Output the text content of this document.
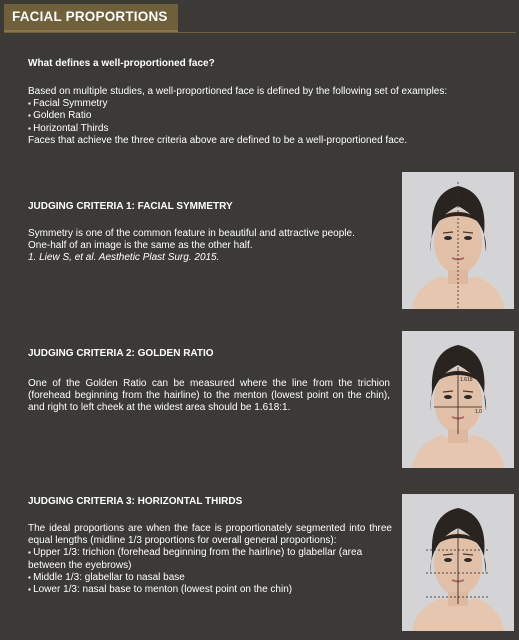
FACIAL PROPORTIONS
What defines a well-proportioned face?
Based on multiple studies, a well-proportioned face is defined by the following set of examples:
▪ Facial Symmetry
▪ Golden Ratio
▪ Horizontal Thirds
Faces that achieve the three criteria above are defined to be a well-proportioned face.
JUDGING CRITERIA 1: FACIAL SYMMETRY
Symmetry is one of the common feature in beautiful and attractive people.
One-half of an image is the same as the other half.
1. Liew S, et al. Aesthetic Plast Surg. 2015.
JUDGING CRITERIA 2: GOLDEN RATIO
One of the Golden Ratio can be measured where the line from the trichion (forehead beginning from the hairline) to the menton (lowest point on the chin), and right to left cheek at the widest area should be 1.618:1.
1.618
1.0
JUDGING CRITERIA 3: HORIZONTAL THIRDS
The ideal proportions are when the face is proportionately segmented into three equal lengths (midline 1/3 proportions for overall general proportions):
▪ Upper 1/3: trichion (forehead beginning from the hairline) to glabellar (area between the eyebrows)
▪ Middle 1/3: glabellar to nasal base
▪ Lower 1/3: nasal base to menton (lowest point on the chin)
